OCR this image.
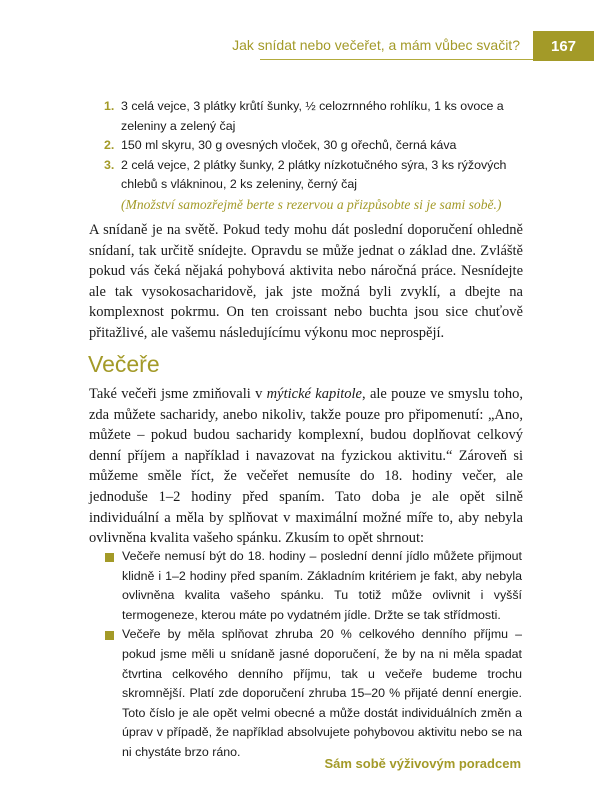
Jak snídat nebo večeřet, a mám vůbec svačit?	167
1. 3 celá vejce, 3 plátky krůtí šunky, ½ celozrnného rohlíku, 1 ks ovoce a zeleniny a zelený čaj
2. 150 ml skyru, 30 g ovesných vloček, 30 g ořechů, černá káva
3. 2 celá vejce, 2 plátky šunky, 2 plátky nízkotučného sýra, 3 ks rýžových chlebů s vlákninou, 2 ks zeleniny, černý čaj
(Množství samozřejmě berte s rezervou a přizpůsobte si je sami sobě.)
A snídaně je na světě. Pokud tedy mohu dát poslední doporučení ohledně snídaní, tak určitě snídejte. Opravdu se může jednat o základ dne. Zvláště pokud vás čeká nějaká pohybová aktivita nebo náročná práce. Nesnídejte ale tak vysokosacharidově, jak jste možná byli zvyklí, a dbejte na komplexnost pokrmu. On ten croissant nebo buchta jsou sice chuťově přitažlivé, ale vašemu následujícímu výkonu moc neprospějí.
Večeře
Také večeři jsme zmiňovali v mýtické kapitole, ale pouze ve smyslu toho, zda můžete sacharidy, anebo nikoliv, takže pouze pro připomenutí: „Ano, můžete – pokud budou sacharidy komplexní, budou doplňovat celkový denní příjem a například i navazovat na fyzickou aktivitu.“ Zároveň si můžeme směle říct, že večeřet nemusíte do 18. hodiny večer, ale jednoduše 1–2 hodiny před spaním. Tato doba je ale opět silně individuální a měla by splňovat v maximální možné míře to, aby nebyla ovlivněna kvalita vašeho spánku. Zkusím to opět shrnout:
Večeře nemusí být do 18. hodiny – poslední denní jídlo můžete přijmout klidně i 1–2 hodiny před spaním. Základním kritériem je fakt, aby nebyla ovlivněna kvalita vašeho spánku. Tu totiž může ovlivnit i vyšší termogeneze, kterou máte po vydatném jídle. Držte se tak střídmosti.
Večeře by měla splňovat zhruba 20 % celkového denního příjmu – pokud jsme měli u snídaně jasné doporučení, že by na ni měla spadat čtvrtina celkového denního příjmu, tak u večeře budeme trochu skromnější. Platí zde doporučení zhruba 15–20 % přijaté denní energie. Toto číslo je ale opět velmi obecné a může dostát individuálních změn a úprav v případě, že například absolvujete pohybovou aktivitu nebo se na ni chystáte brzo ráno.
Sám sobě výživovým poradcem
